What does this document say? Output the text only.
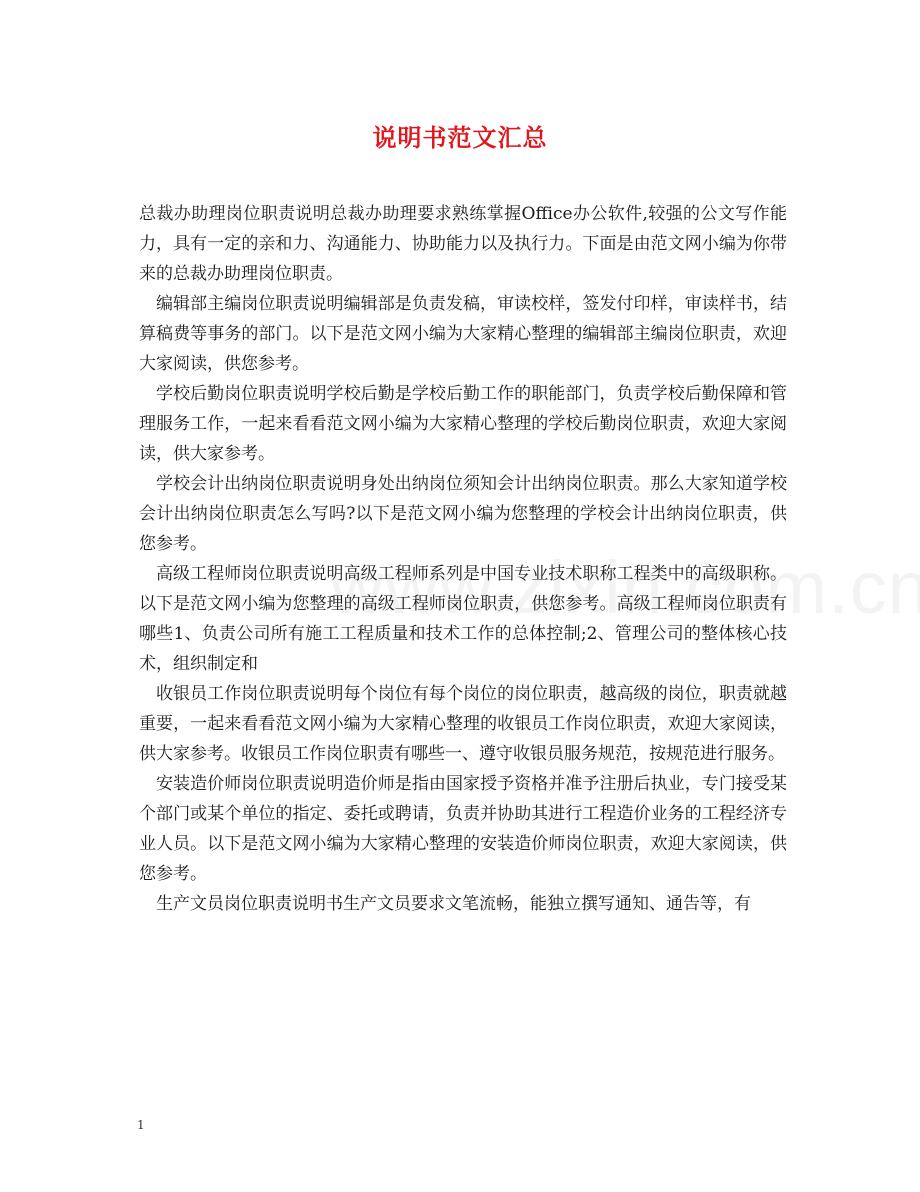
说明书范文汇总

总裁办助理岗位职责说明总裁办助理要求熟练掌握Office办公软件,较强的公文写作能力，具有一定的亲和力、沟通能力、协助能力以及执行力。下面是由范文网小编为你带来的总裁办助理岗位职责。

编辑部主编岗位职责说明编辑部是负责发稿，审读校样，签发付印样，审读样书，结算稿费等事务的部门。以下是范文网小编为大家精心整理的编辑部主编岗位职责，欢迎大家阅读，供您参考。

学校后勤岗位职责说明学校后勤是学校后勤工作的职能部门，负责学校后勤保障和管理服务工作，一起来看看范文网小编为大家精心整理的学校后勤岗位职责，欢迎大家阅读，供大家参考。

学校会计出纳岗位职责说明身处出纳岗位须知会计出纳岗位职责。那么大家知道学校会计出纳岗位职责怎么写吗?以下是范文网小编为您整理的学校会计出纳岗位职责，供您参考。

高级工程师岗位职责说明高级工程师系列是中国专业技术职称工程类中的高级职称。以下是范文网小编为您整理的高级工程师岗位职责，供您参考。高级工程师岗位职责有哪些1、负责公司所有施工工程质量和技术工作的总体控制;2、管理公司的整体核心技术，组织制定和

收银员工作岗位职责说明每个岗位有每个岗位的岗位职责，越高级的岗位，职责就越重要，一起来看看范文网小编为大家精心整理的收银员工作岗位职责，欢迎大家阅读，供大家参考。收银员工作岗位职责有哪些一、遵守收银员服务规范，按规范进行服务。

安装造价师岗位职责说明造价师是指由国家授予资格并准予注册后执业，专门接受某个部门或某个单位的指定、委托或聘请，负责并协助其进行工程造价业务的工程经济专业人员。以下是范文网小编为大家精心整理的安装造价师岗位职责，欢迎大家阅读，供您参考。

生产文员岗位职责说明书生产文员要求文笔流畅，能独立撰写通知、通告等，有

1
